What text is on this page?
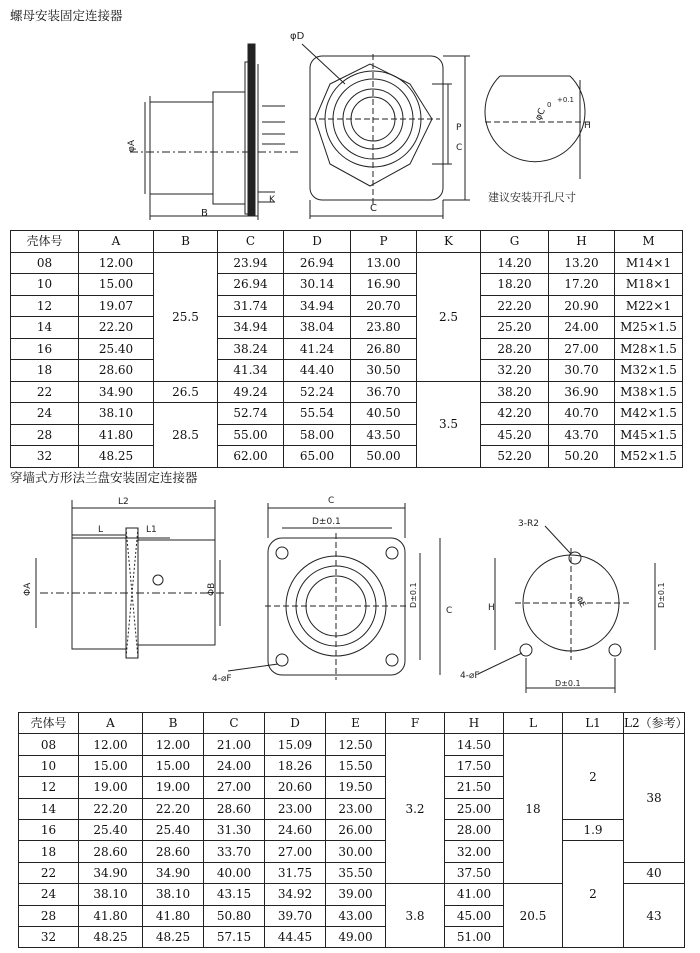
螺母安装固定连接器
B
K
φA
φD
P
C
C
φC
+0.1
0
H
建议安装开孔尺寸
壳体号	A	B	C	D	P	K	G	H	M
08	12.00	25.5	23.94	26.94	13.00	2.5	14.20	13.20	M14×1
10	15.00		26.94	30.14	16.90		18.20	17.20	M18×1
12	19.07		31.74	34.94	20.70		22.20	20.90	M22×1
14	22.20		34.94	38.04	23.80		25.20	24.00	M25×1.5
16	25.40		38.24	41.24	26.80		28.20	27.00	M28×1.5
18	28.60		41.34	44.40	30.50		32.20	30.70	M32×1.5
22	34.90	26.5	49.24	52.24	36.70	3.5	38.20	36.90	M38×1.5
24	38.10	28.5	52.74	55.54	40.50		42.20	40.70	M42×1.5
28	41.80		55.00	58.00	43.50		45.20	43.70	M45×1.5
32	48.25		62.00	65.00	50.00		52.20	50.20	M52×1.5
穿墙式方形法兰盘安装固定连接器
L2
L	L1
ΦA	ΦB
C
D±0.1
D±0.1
C
4-⌀F
3-R2
ΦE
H	D±0.1
4-⌀F
D±0.1
壳体号	A	B	C	D	E	F	H	L	L1	L2（参考）
08	12.00	12.00	21.00	15.09	12.50	3.2	14.50	18	2	38
10	15.00	15.00	24.00	18.26	15.50		17.50			
12	19.00	19.00	27.00	20.60	19.50		21.50			
14	22.20	22.20	28.60	23.00	23.00		25.00			
16	25.40	25.40	31.30	24.60	26.00		28.00		1.9	
18	28.60	28.60	33.70	27.00	30.00		32.00		2	
22	34.90	34.90	40.00	31.75	35.50		37.50			40
24	38.10	38.10	43.15	34.92	39.00	3.8	41.00	20.5		43
28	41.80	41.80	50.80	39.70	43.00		45.00			
32	48.25	48.25	57.15	44.45	49.00		51.00			
